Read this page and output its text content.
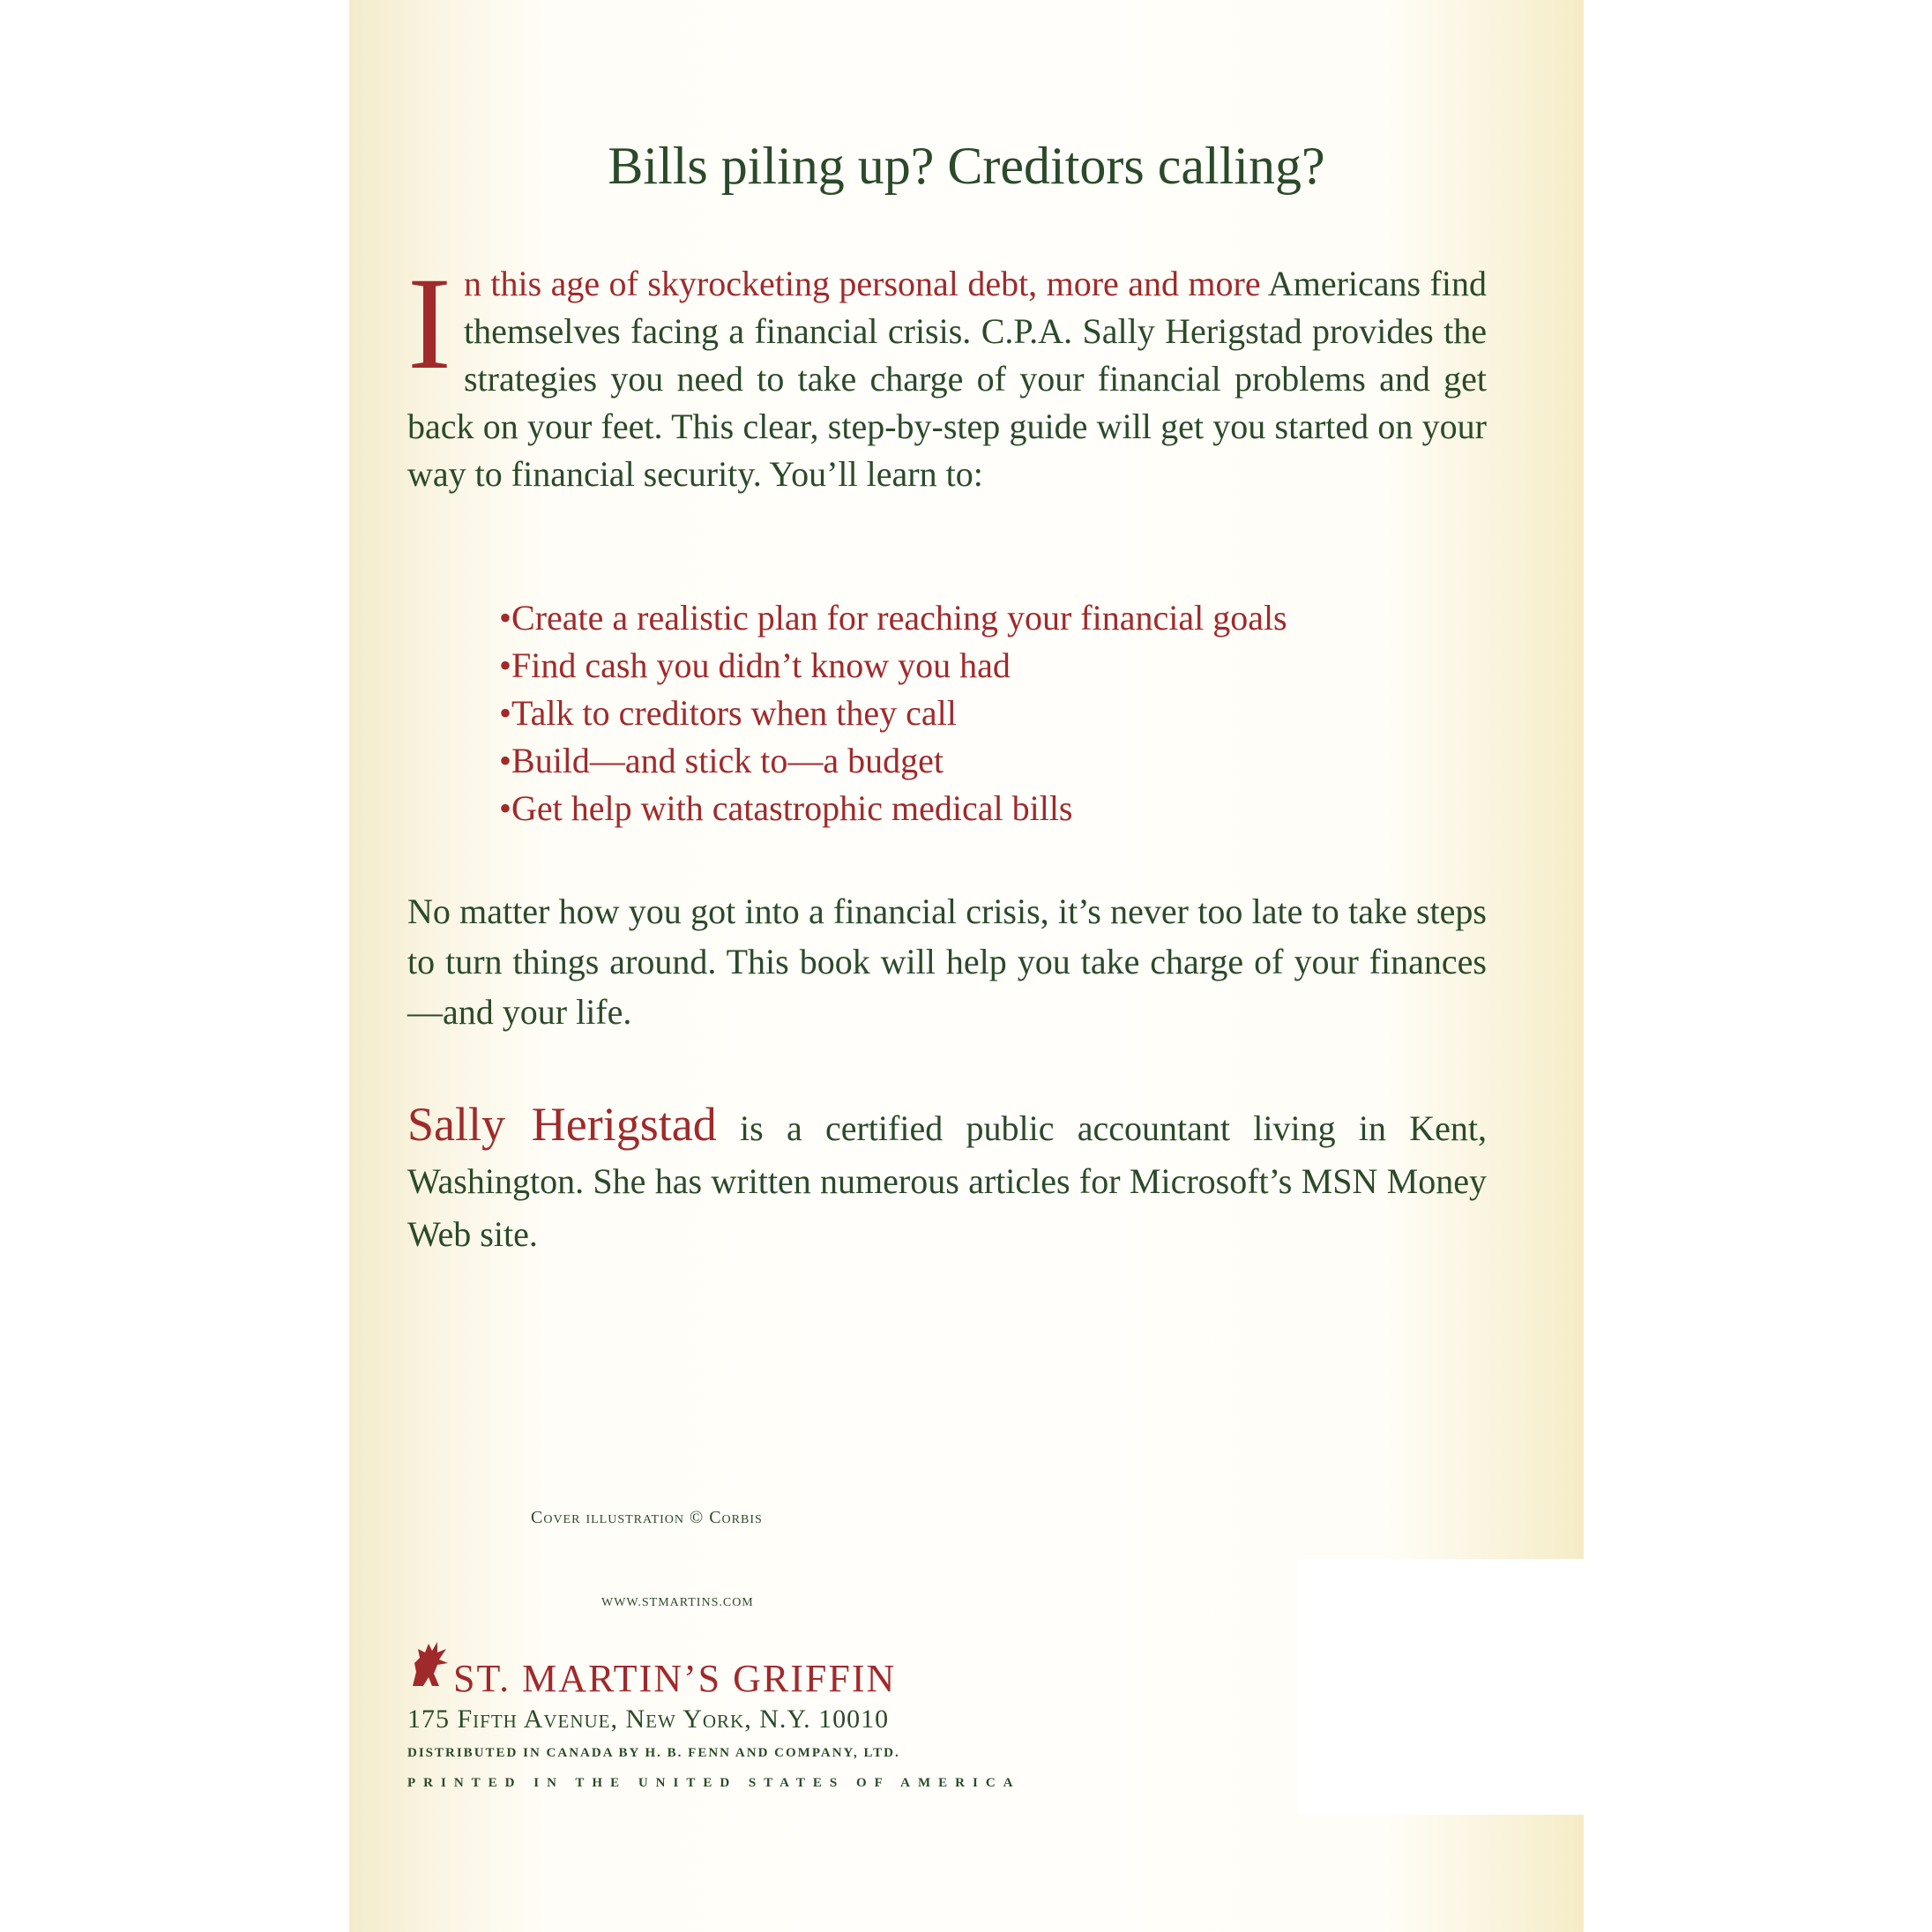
Bills piling up? Creditors calling?
In this age of skyrocketing personal debt, more and more Americans find themselves facing a financial crisis. C.P.A. Sally Herigstad provides the strategies you need to take charge of your financial problems and get back on your feet. This clear, step-by-step guide will get you started on your way to financial security. You’ll learn to:
•Create a realistic plan for reaching your financial goals
•Find cash you didn’t know you had
•Talk to creditors when they call
•Build—and stick to—a budget
•Get help with catastrophic medical bills
No matter how you got into a financial crisis, it’s never too late to take steps to turn things around. This book will help you take charge of your finances—and your life.
Sally Herigstad is a certified public accountant living in Kent, Washington. She has written numerous articles for Microsoft’s MSN Money Web site.
Cover illustration © Corbis
WWW.STMARTINS.COM
ST. MARTIN’S GRIFFIN
175 Fifth Avenue, New York, N.Y. 10010
DISTRIBUTED IN CANADA BY H. B. FENN AND COMPANY, LTD.
PRINTED IN THE UNITED STATES OF AMERICA
